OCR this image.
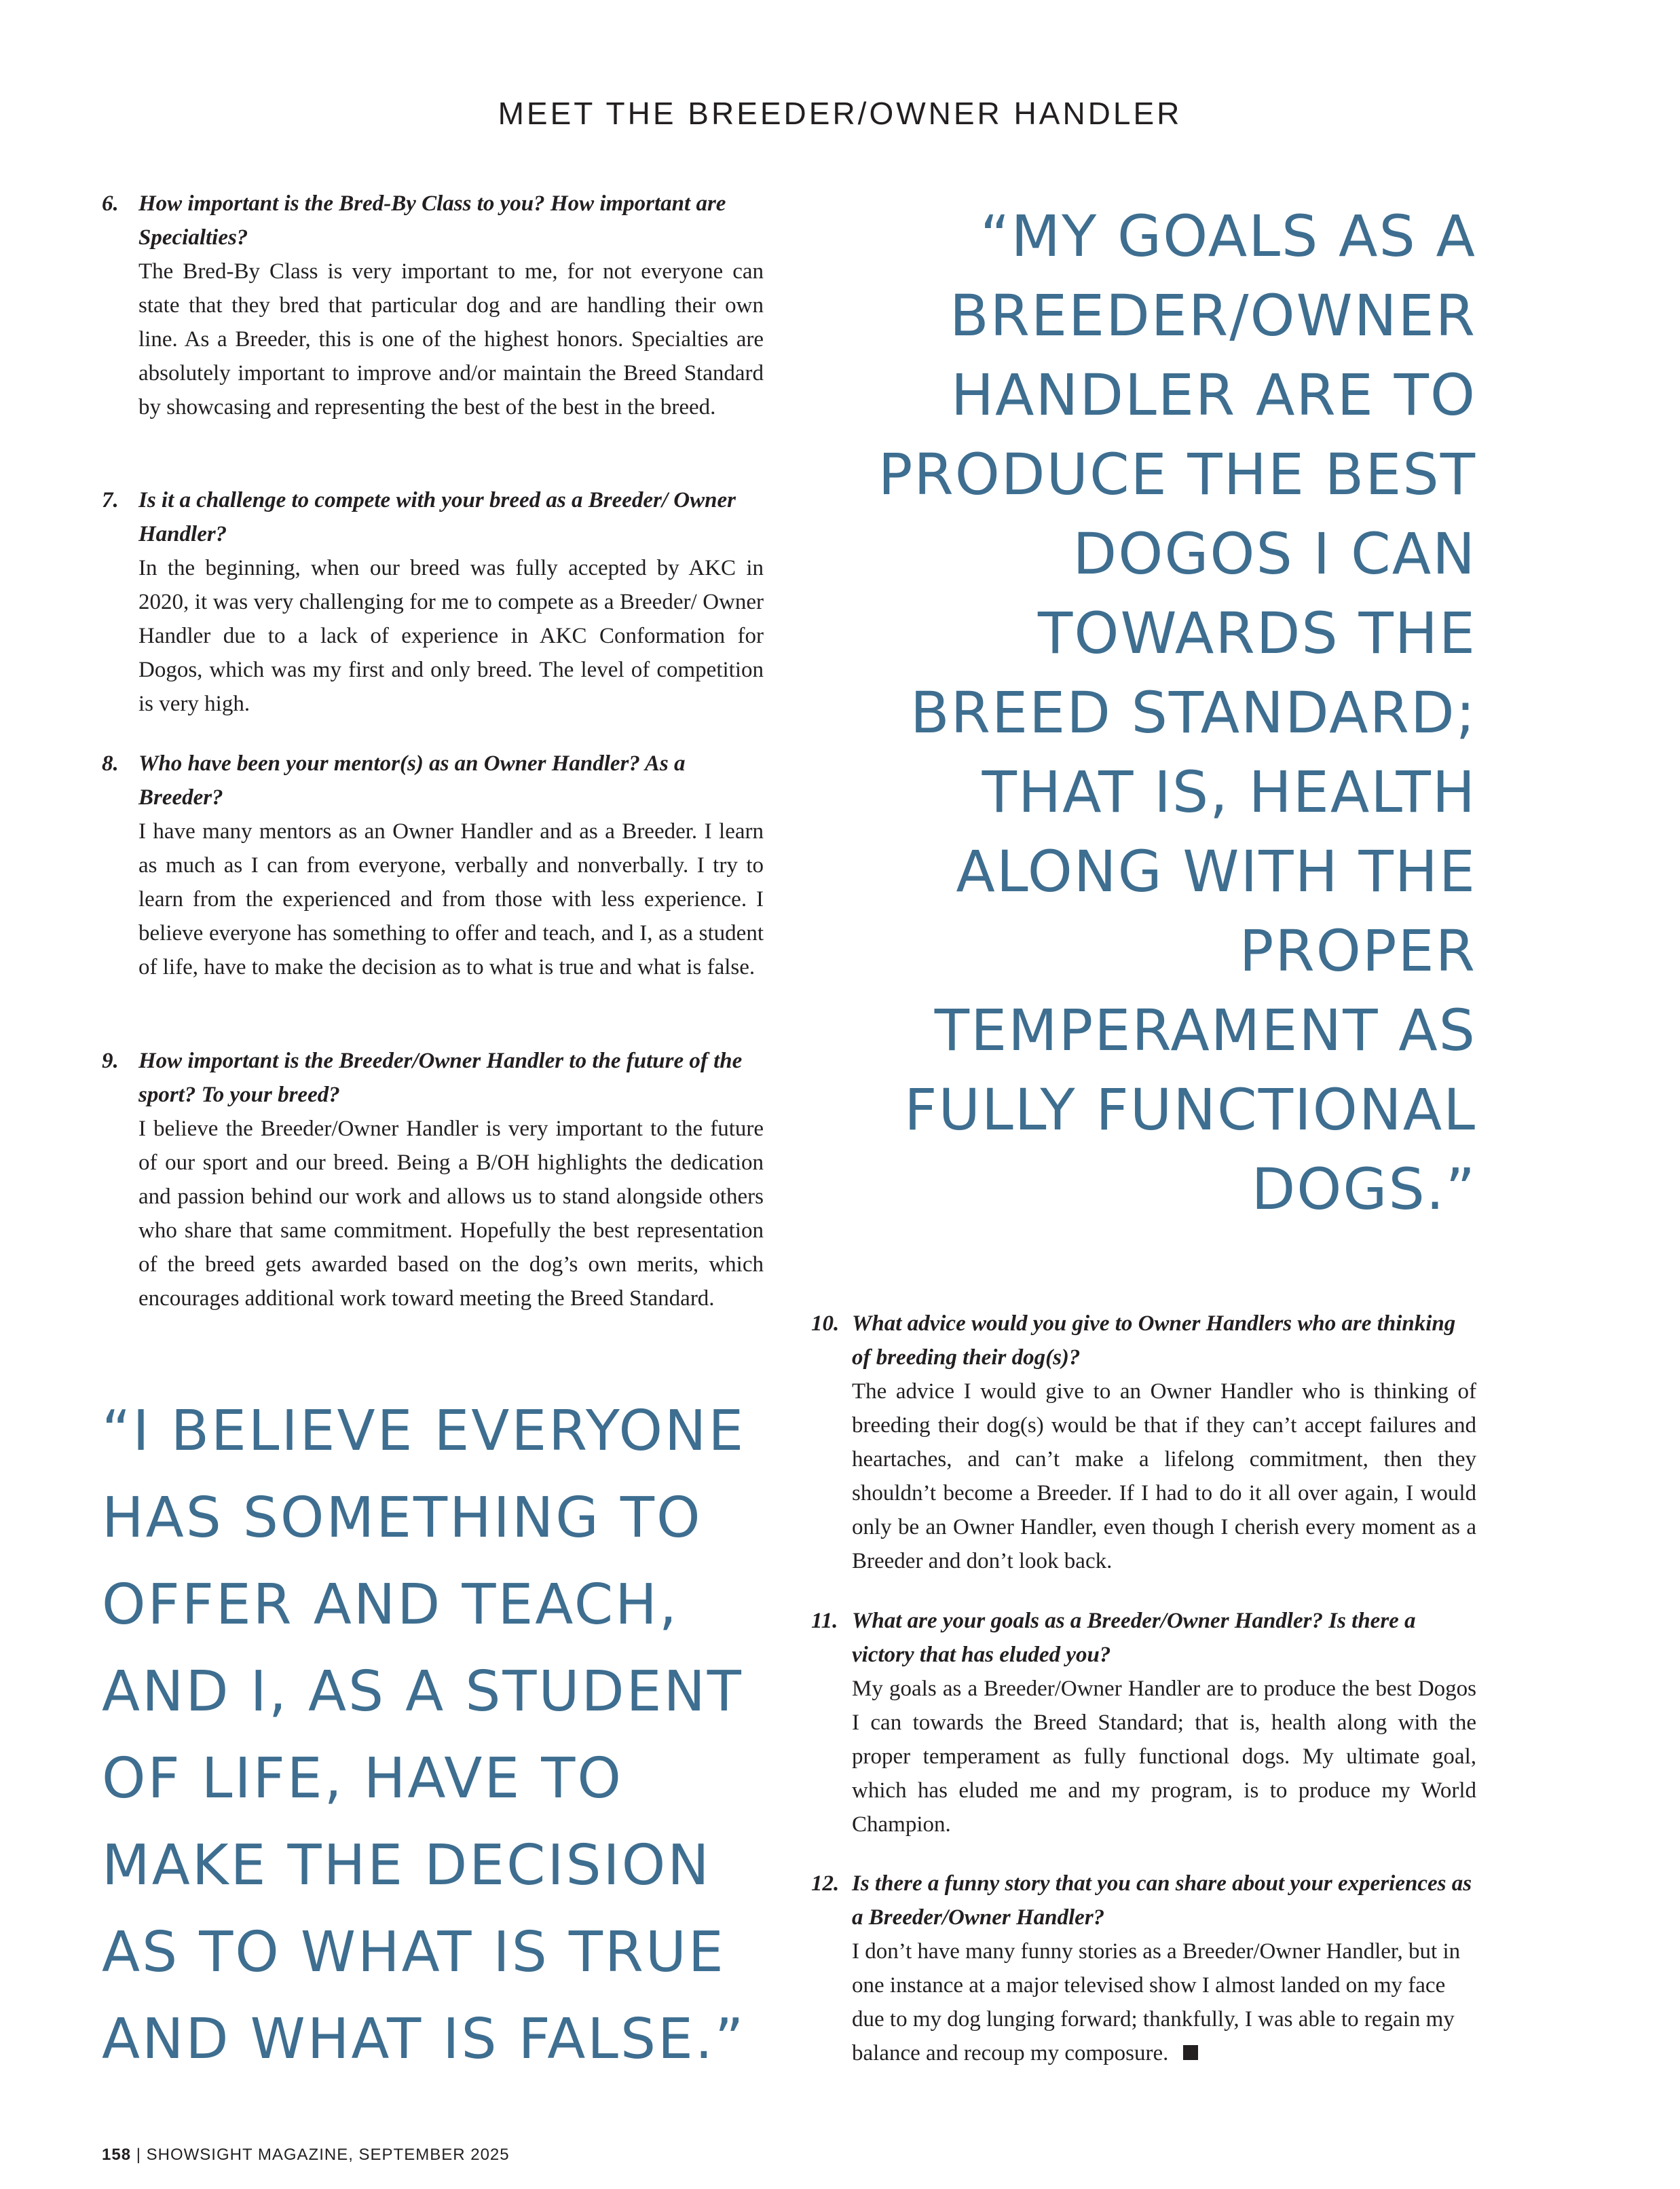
MEET THE BREEDER/OWNER HANDLER

6. How important is the Bred-By Class to you? How important are Specialties?

The Bred-By Class is very important to me, for not everyone can state that they bred that particular dog and are handling their own line. As a Breeder, this is one of the highest honors. Specialties are absolutely important to improve and/or maintain the Breed Standard by showcasing and representing the best of the best in the breed.

7. Is it a challenge to compete with your breed as a Breeder/ Owner Handler?

In the beginning, when our breed was fully accepted by AKC in 2020, it was very challenging for me to compete as a Breeder/ Owner Handler due to a lack of experience in AKC Conformation for Dogos, which was my first and only breed. The level of competition is very high.

8. Who have been your mentor(s) as an Owner Handler? As a Breeder?

I have many mentors as an Owner Handler and as a Breeder. I learn as much as I can from everyone, verbally and nonverbally. I try to learn from the experienced and from those with less experience. I believe everyone has something to offer and teach, and I, as a student of life, have to make the decision as to what is true and what is false.

9. How important is the Breeder/Owner Handler to the future of the sport? To your breed?

I believe the Breeder/Owner Handler is very important to the future of our sport and our breed. Being a B/OH highlights the dedication and passion behind our work and allows us to stand alongside others who share that same commitment. Hopefully the best representation of the breed gets awarded based on the dog’s own merits, which encourages additional work toward meeting the Breed Standard.

“MY GOALS AS A BREEDER/OWNER HANDLER ARE TO PRODUCE THE BEST DOGOS I CAN TOWARDS THE BREED STANDARD; THAT IS, HEALTH ALONG WITH THE PROPER TEMPERAMENT AS FULLY FUNCTIONAL DOGS.”

10. What advice would you give to Owner Handlers who are thinking of breeding their dog(s)?

The advice I would give to an Owner Handler who is thinking of breeding their dog(s) would be that if they can’t accept failures and heartaches, and can’t make a lifelong commitment, then they shouldn’t become a Breeder. If I had to do it all over again, I would only be an Owner Handler, even though I cherish every moment as a Breeder and don’t look back.

11. What are your goals as a Breeder/Owner Handler? Is there a victory that has eluded you?

My goals as a Breeder/Owner Handler are to produce the best Dogos I can towards the Breed Standard; that is, health along with the proper temperament as fully functional dogs. My ultimate goal, which has eluded me and my program, is to produce my World Champion.

12. Is there a funny story that you can share about your experiences as a Breeder/Owner Handler?

I don’t have many funny stories as a Breeder/Owner Handler, but in one instance at a major televised show I almost landed on my face due to my dog lunging forward; thankfully, I was able to regain my balance and recoup my composure.

“I BELIEVE EVERYONE HAS SOMETHING TO OFFER AND TEACH, AND I, AS A STUDENT OF LIFE, HAVE TO MAKE THE DECISION AS TO WHAT IS TRUE AND WHAT IS FALSE.”

158 | SHOWSIGHT MAGAZINE, SEPTEMBER 2025
